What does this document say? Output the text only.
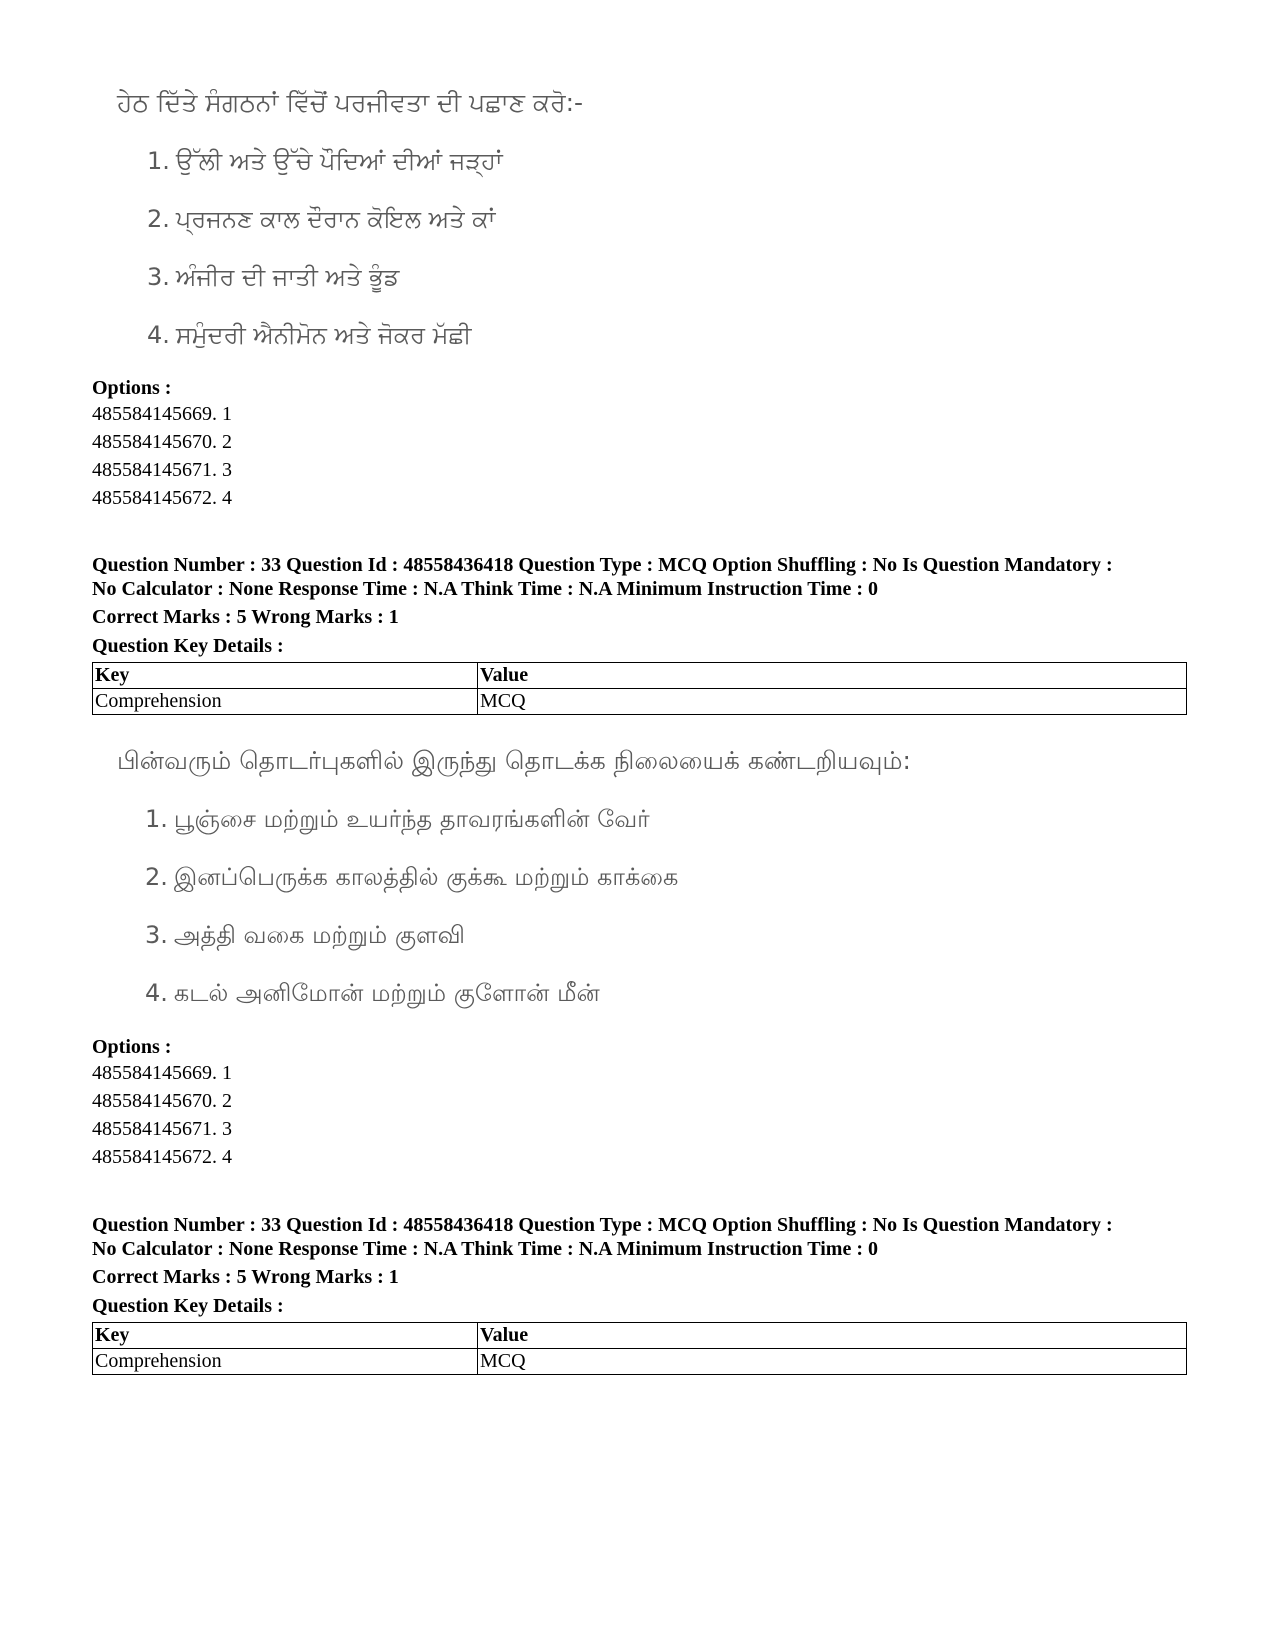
ਹੇਠ ਦਿੱਤੇ ਸੰਗਠਨਾਂ ਵਿੱਚੋਂ ਪਰਜੀਵਤਾ ਦੀ ਪਛਾਣ ਕਰੋ:-
1. ਉੱਲੀ ਅਤੇ ਉੱਚੇ ਪੌਦਿਆਂ ਦੀਆਂ ਜੜ੍ਹਾਂ
2. ਪ੍ਰਜਨਣ ਕਾਲ ਦੌਰਾਨ ਕੋਇਲ ਅਤੇ ਕਾਂ
3. ਅੰਜੀਰ ਦੀ ਜਾਤੀ ਅਤੇ ਭੂੰਡ
4. ਸਮੁੰਦਰੀ ਐਨੀਮੋਨ ਅਤੇ ਜੋਕਰ ਮੱਛੀ
Options :
485584145669. 1
485584145670. 2
485584145671. 3
485584145672. 4
Question Number : 33 Question Id : 48558436418 Question Type : MCQ Option Shuffling : No Is Question Mandatory :
No Calculator : None Response Time : N.A Think Time : N.A Minimum Instruction Time : 0
Correct Marks : 5 Wrong Marks : 1
Question Key Details :
Key	Value
Comprehension	MCQ
பின்வரும் தொடர்புகளில் இருந்து தொடக்க நிலையைக் கண்டறியவும்:
1. பூஞ்சை மற்றும் உயர்ந்த தாவரங்களின் வேர்
2. இனப்பெருக்க காலத்தில் குக்கூ மற்றும் காக்கை
3. அத்தி வகை மற்றும் குளவி
4. கடல் அனிமோன் மற்றும் குளோன் மீன்
Options :
485584145669. 1
485584145670. 2
485584145671. 3
485584145672. 4
Question Number : 33 Question Id : 48558436418 Question Type : MCQ Option Shuffling : No Is Question Mandatory :
No Calculator : None Response Time : N.A Think Time : N.A Minimum Instruction Time : 0
Correct Marks : 5 Wrong Marks : 1
Question Key Details :
Key	Value
Comprehension	MCQ
